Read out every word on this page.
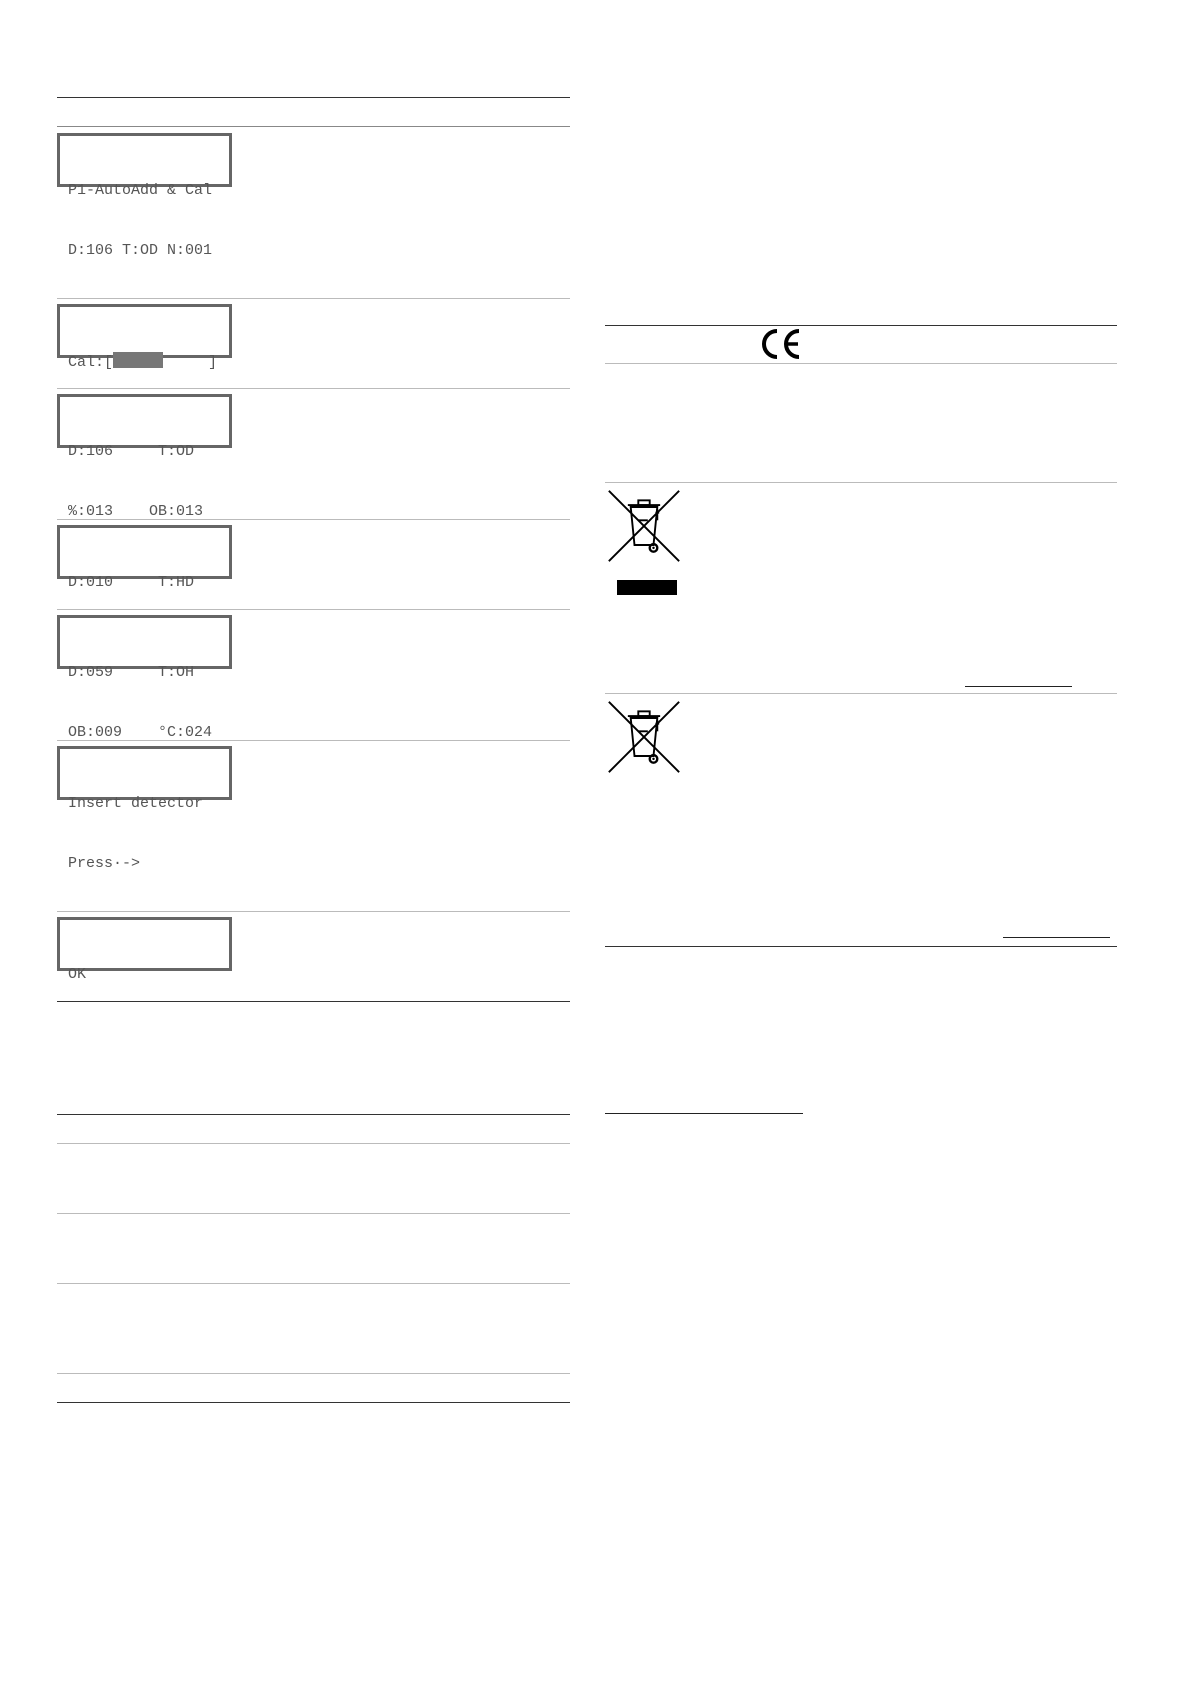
P1-AutoAdd & Cal

D:106 T:OD N:001

Cal:[	]

D:106     T:OD

%:013    OB:013

D:010     T:HD

D:059     T:OH

OB:009    °C:024

Insert detector

Press·->

OK
